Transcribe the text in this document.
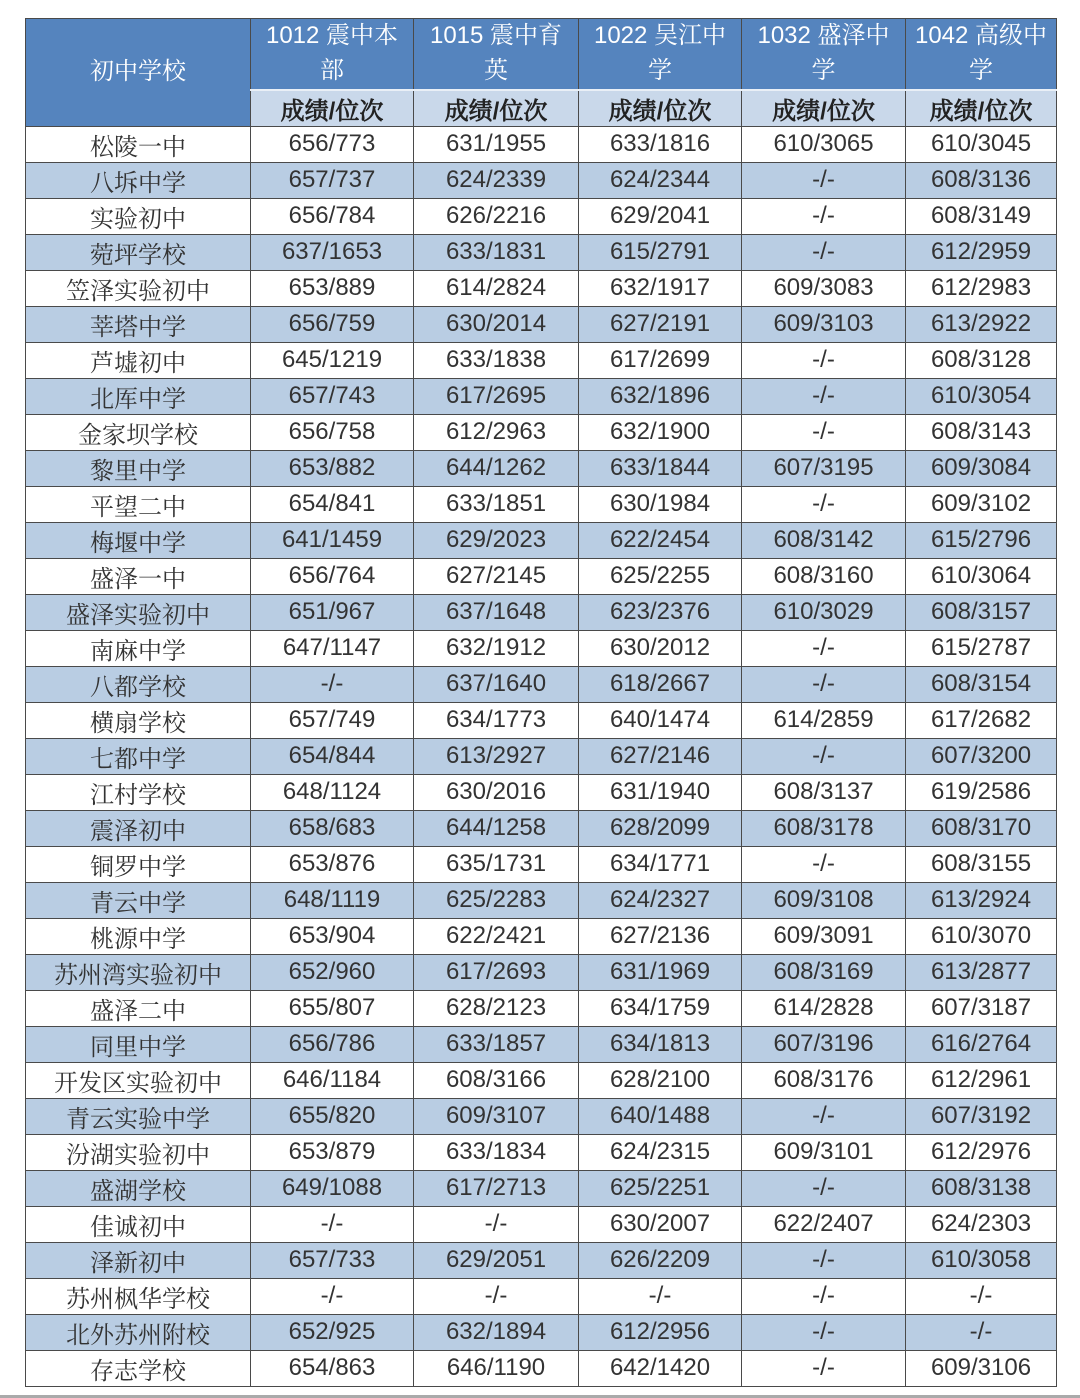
初中学校	1012 震中本部	1015 震中育英	1022 吴江中学	1032 盛泽中学	1042 高级中学
	成绩/位次	成绩/位次	成绩/位次	成绩/位次	成绩/位次
松陵一中	656/773	631/1955	633/1816	610/3065	610/3045
八坼中学	657/737	624/2339	624/2344	-/-	608/3136
实验初中	656/784	626/2216	629/2041	-/-	608/3149
菀坪学校	637/1653	633/1831	615/2791	-/-	612/2959
笠泽实验初中	653/889	614/2824	632/1917	609/3083	612/2983
莘塔中学	656/759	630/2014	627/2191	609/3103	613/2922
芦墟初中	645/1219	633/1838	617/2699	-/-	608/3128
北厍中学	657/743	617/2695	632/1896	-/-	610/3054
金家坝学校	656/758	612/2963	632/1900	-/-	608/3143
黎里中学	653/882	644/1262	633/1844	607/3195	609/3084
平望二中	654/841	633/1851	630/1984	-/-	609/3102
梅堰中学	641/1459	629/2023	622/2454	608/3142	615/2796
盛泽一中	656/764	627/2145	625/2255	608/3160	610/3064
盛泽实验初中	651/967	637/1648	623/2376	610/3029	608/3157
南麻中学	647/1147	632/1912	630/2012	-/-	615/2787
八都学校	-/-	637/1640	618/2667	-/-	608/3154
横扇学校	657/749	634/1773	640/1474	614/2859	617/2682
七都中学	654/844	613/2927	627/2146	-/-	607/3200
江村学校	648/1124	630/2016	631/1940	608/3137	619/2586
震泽初中	658/683	644/1258	628/2099	608/3178	608/3170
铜罗中学	653/876	635/1731	634/1771	-/-	608/3155
青云中学	648/1119	625/2283	624/2327	609/3108	613/2924
桃源中学	653/904	622/2421	627/2136	609/3091	610/3070
苏州湾实验初中	652/960	617/2693	631/1969	608/3169	613/2877
盛泽二中	655/807	628/2123	634/1759	614/2828	607/3187
同里中学	656/786	633/1857	634/1813	607/3196	616/2764
开发区实验初中	646/1184	608/3166	628/2100	608/3176	612/2961
青云实验中学	655/820	609/3107	640/1488	-/-	607/3192
汾湖实验初中	653/879	633/1834	624/2315	609/3101	612/2976
盛湖学校	649/1088	617/2713	625/2251	-/-	608/3138
佳诚初中	-/-	-/-	630/2007	622/2407	624/2303
泽新初中	657/733	629/2051	626/2209	-/-	610/3058
苏州枫华学校	-/-	-/-	-/-	-/-	-/-
北外苏州附校	652/925	632/1894	612/2956	-/-	-/-
存志学校	654/863	646/1190	642/1420	-/-	609/3106
